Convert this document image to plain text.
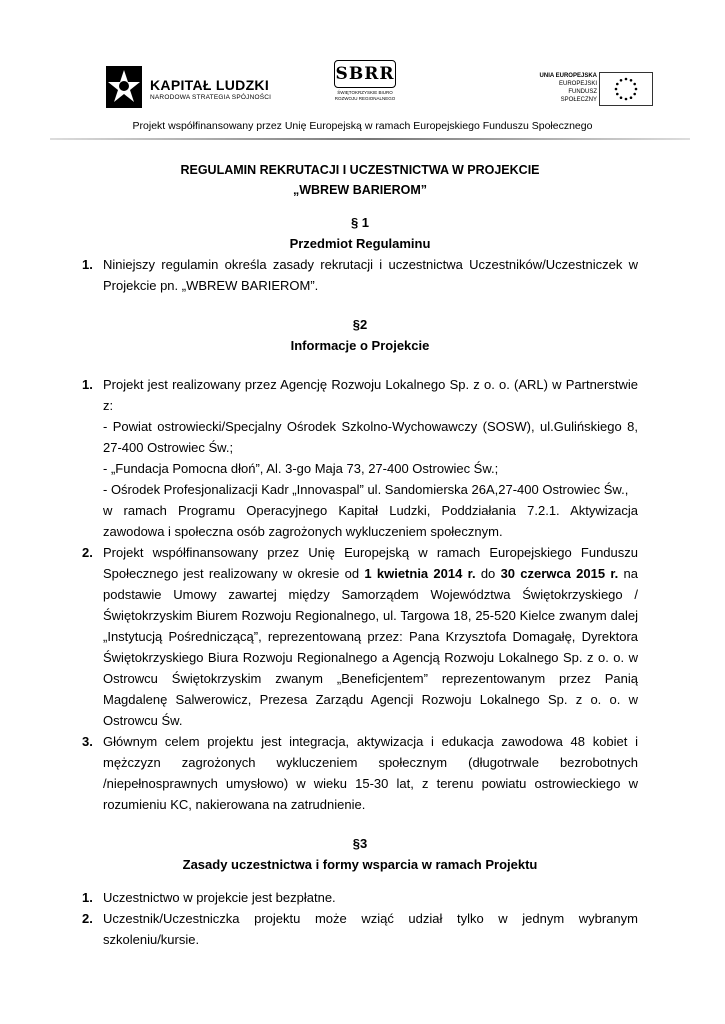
KAPITAŁ LUDZKI
NARODOWA STRATEGIA SPÓJNOŚCI
SBRR
ŚWIĘTOKRZYSKIE BIURO ROZWOJU REGIONALNEGO
UNIA EUROPEJSKA
EUROPEJSKI
FUNDUSZ SPOŁECZNY
Projekt współfinansowany przez Unię Europejską w ramach Europejskiego Funduszu Społecznego

REGULAMIN REKRUTACJI I UCZESTNICTWA W PROJEKCIE

„WBREW BARIEROM”

§ 1

Przedmiot Regulaminu

1. Niniejszy regulamin określa zasady rekrutacji i uczestnictwa Uczestników/Uczestniczek w Projekcie pn. „WBREW BARIEROM”.

§2

Informacje o Projekcie

1. Projekt jest realizowany przez Agencję Rozwoju Lokalnego Sp. z o. o. (ARL) w Partnerstwie z:
- Powiat ostrowiecki/Specjalny Ośrodek Szkolno-Wychowawczy (SOSW), ul.Gulińskiego 8, 27-400 Ostrowiec Św.;
- „Fundacja Pomocna dłoń”, Al. 3-go Maja 73, 27-400 Ostrowiec Św.;
- Ośrodek Profesjonalizacji Kadr „Innovaspal” ul. Sandomierska 26A,27-400 Ostrowiec Św.,
w ramach Programu Operacyjnego Kapitał Ludzki, Poddziałania 7.2.1. Aktywizacja zawodowa i społeczna osób zagrożonych wykluczeniem społecznym.
2. Projekt współfinansowany przez Unię Europejską w ramach Europejskiego Funduszu Społecznego jest realizowany w okresie od 1 kwietnia 2014 r. do 30 czerwca 2015 r. na podstawie Umowy zawartej między Samorządem Województwa Świętokrzyskiego /Świętokrzyskim Biurem Rozwoju Regionalnego, ul. Targowa 18, 25-520 Kielce zwanym dalej „Instytucją Pośredniczącą”, reprezentowaną przez: Pana Krzysztofa Domagałę, Dyrektora Świętokrzyskiego Biura Rozwoju Regionalnego a Agencją Rozwoju Lokalnego Sp. z o. o. w Ostrowcu Świętokrzyskim zwanym „Beneficjentem” reprezentowanym przez Panią Magdalenę Salwerowicz, Prezesa Zarządu Agencji Rozwoju Lokalnego Sp. z o. o. w Ostrowcu Św.
3. Głównym celem projektu jest integracja, aktywizacja i edukacja zawodowa 48 kobiet i mężczyzn zagrożonych wykluczeniem społecznym (długotrwale bezrobotnych /niepełnosprawnych umysłowo) w wieku 15-30 lat, z terenu powiatu ostrowieckiego w rozumieniu KC, nakierowana na zatrudnienie.

§3

Zasady uczestnictwa i formy wsparcia w ramach Projektu

1. Uczestnictwo w projekcie jest bezpłatne.
2. Uczestnik/Uczestniczka projektu może wziąć udział tylko w jednym wybranym szkoleniu/kursie.
